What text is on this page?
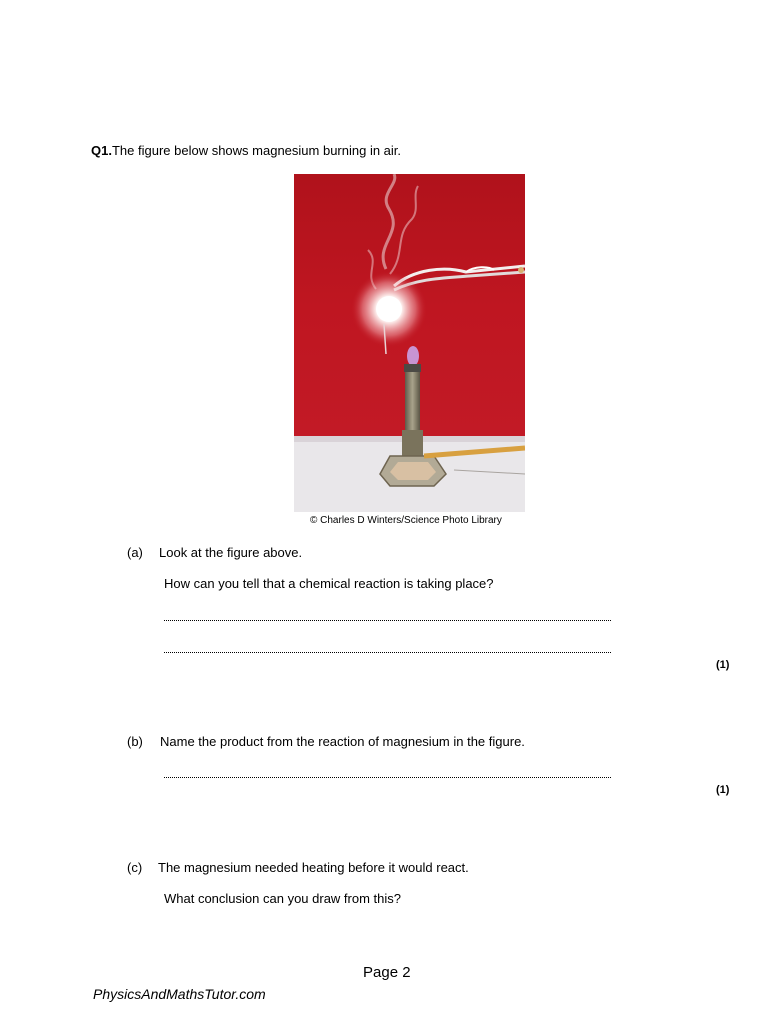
Q1.The figure below shows magnesium burning in air.
© Charles D Winters/Science Photo Library
(a) Look at the figure above.
How can you tell that a chemical reaction is taking place?
(1)
(b) Name the product from the reaction of magnesium in the figure.
(1)
(c) The magnesium needed heating before it would react.
What conclusion can you draw from this?
Page 2
PhysicsAndMathsTutor.com
